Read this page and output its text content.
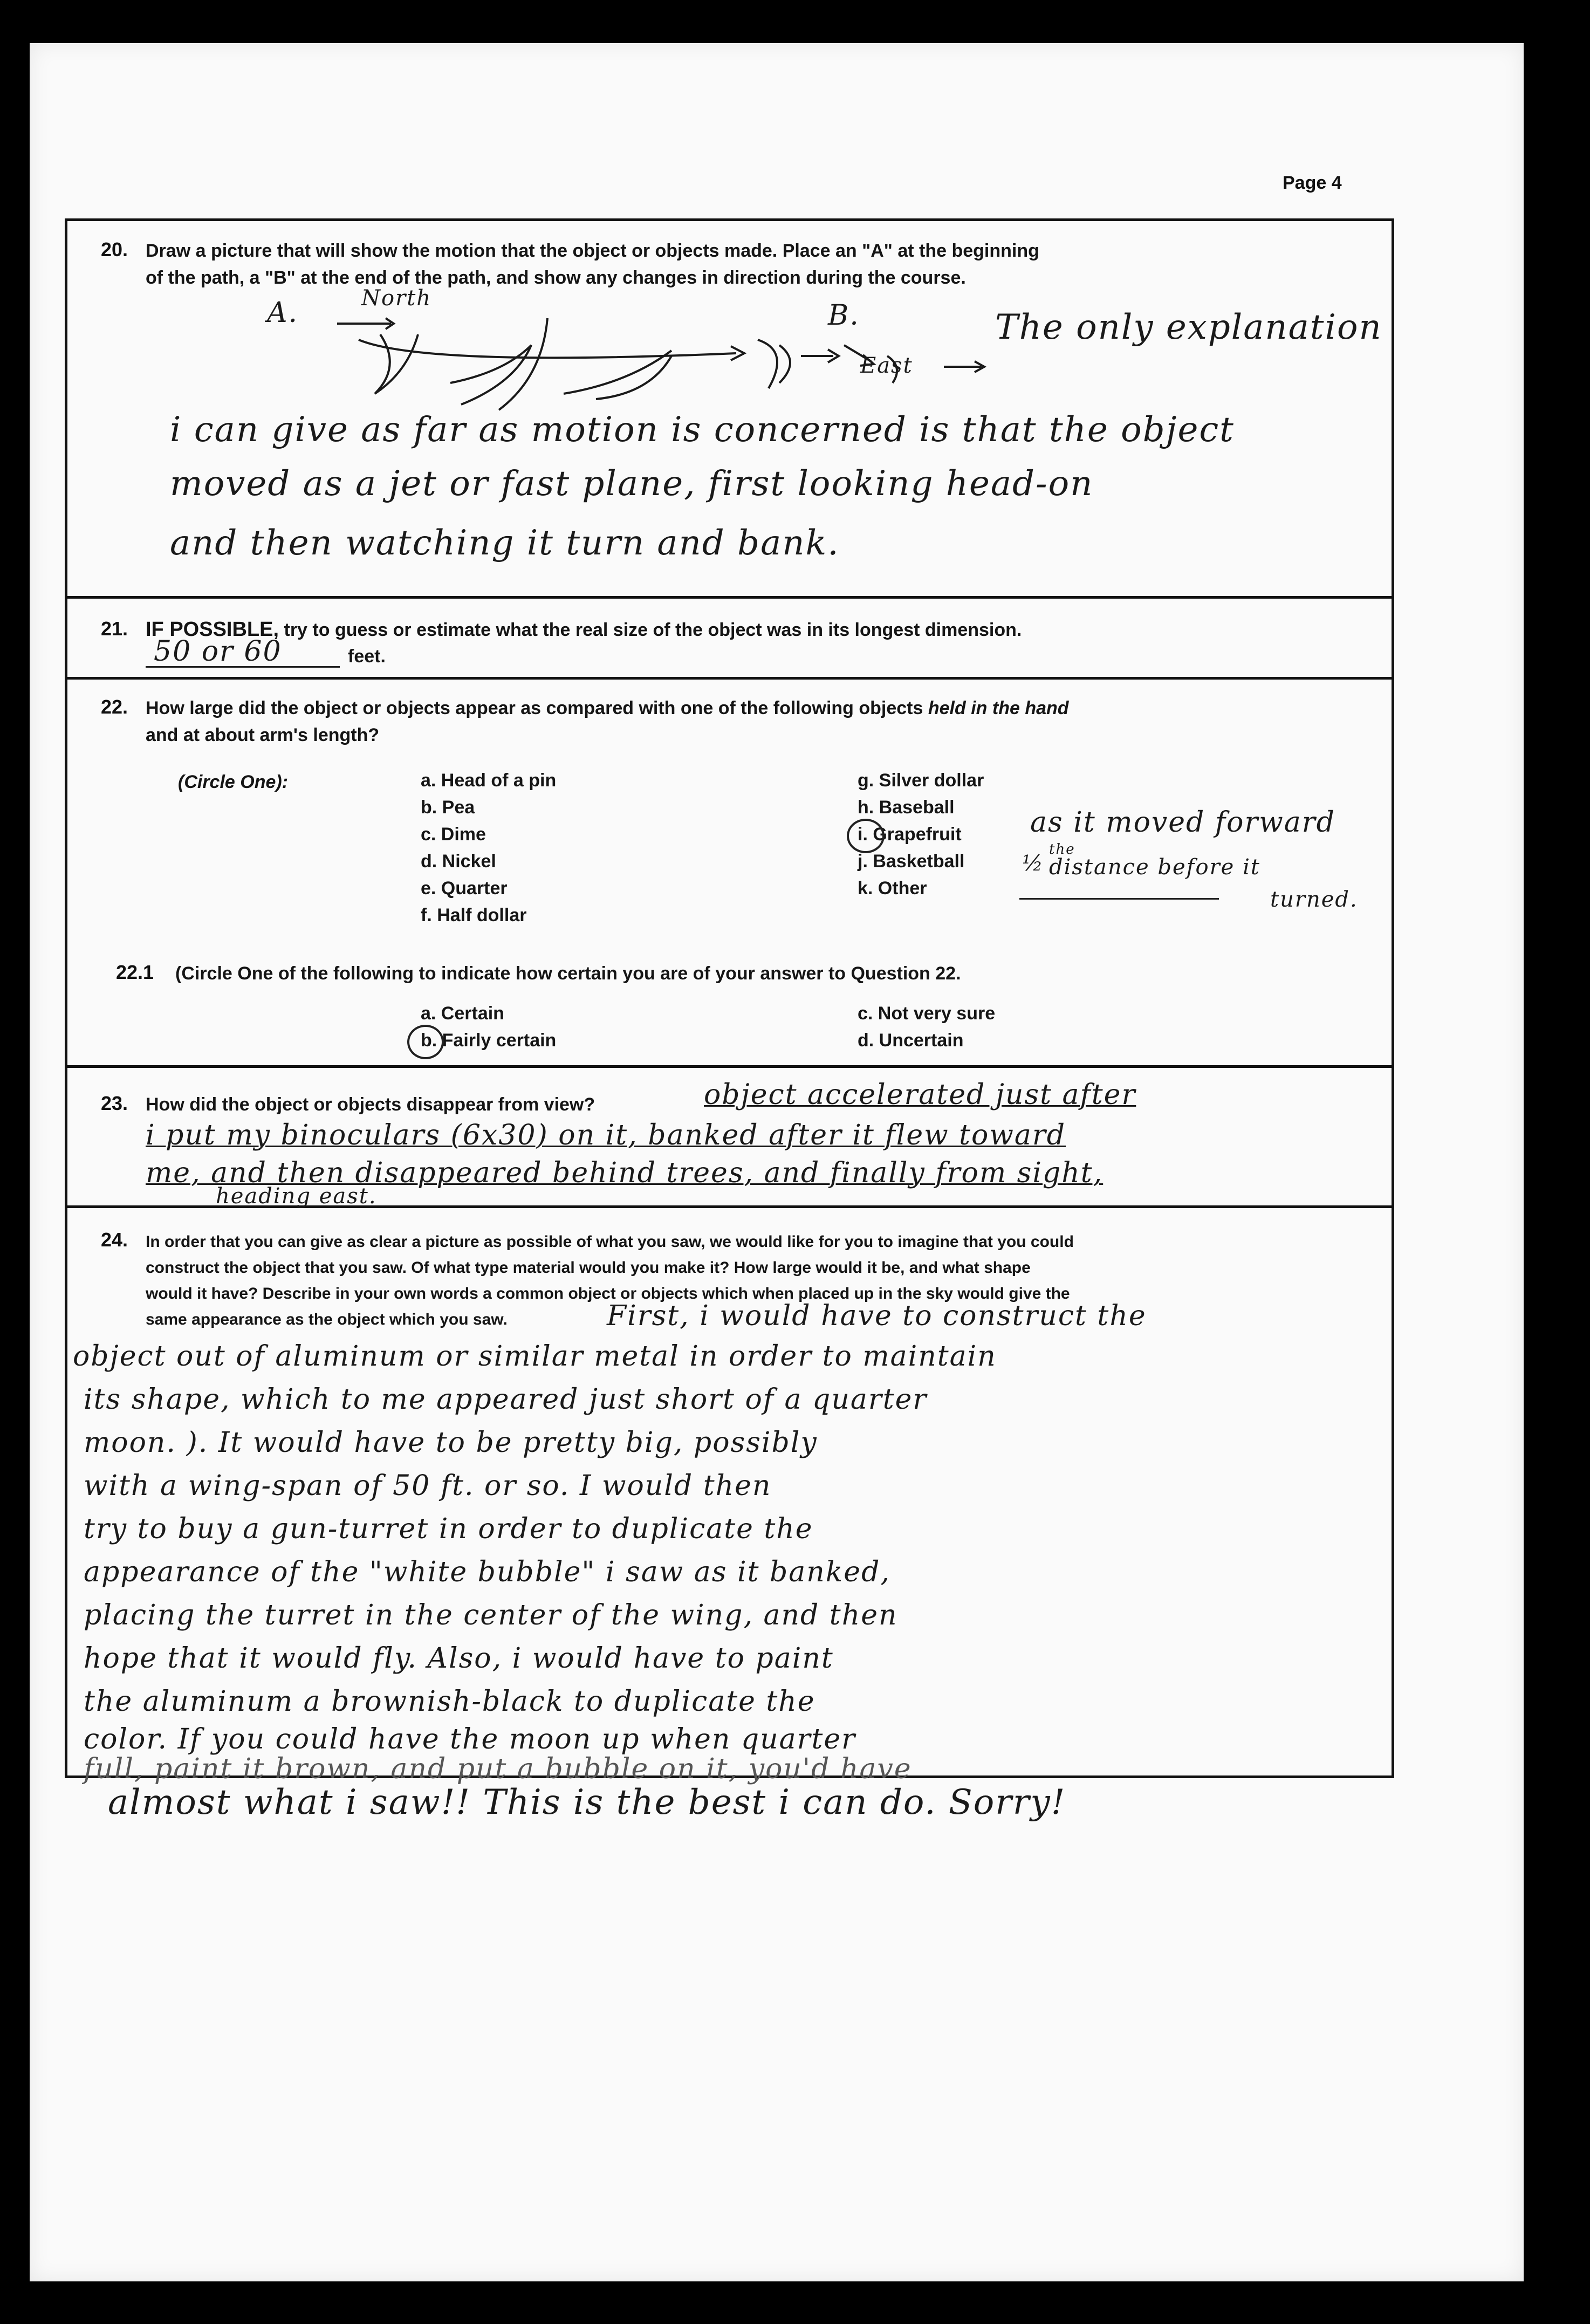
Page 4
20. Draw a picture that will show the motion that the object or objects made. Place an "A" at the beginning
of the path, a "B" at the end of the path, and show any changes in direction during the course.
A.	North
B.
East
The only explanation
i can give as far as motion is concerned is that the object
moved as a jet or fast plane, first looking head-on
and then watching it turn and bank.
21. IF POSSIBLE, try to guess or estimate what the real size of the object was in its longest dimension.
50 or 60	feet.
22. How large did the object or objects appear as compared with one of the following objects held in the hand
and at about arm's length?
(Circle One):	a. Head of a pin
b. Pea
c. Dime
d. Nickel
e. Quarter
f. Half dollar
g. Silver dollar
h. Baseball
i. Grapefruit
j. Basketball
k. Other
as it moved forward
½
the
distance before it
turned.
22.1 (Circle One of the following to indicate how certain you are of your answer to Question 22.
a. Certain
b. Fairly certain
c. Not very sure
d. Uncertain
23. How did the object or objects disappear from view?	object accelerated just after
i put my binoculars (6x30) on it, banked after it flew toward
me, and then disappeared behind trees, and finally from sight,
heading east.
24. In order that you can give as clear a picture as possible of what you saw, we would like for you to imagine that you could
construct the object that you saw. Of what type material would you make it? How large would it be, and what shape
would it have? Describe in your own words a common object or objects which when placed up in the sky would give the
same appearance as the object which you saw.	First, i would have to construct the
object out of aluminum or similar metal in order to maintain
its shape, which to me appeared just short of a quarter
moon. ). It would have to be pretty big, possibly
with a wing-span of 50 ft. or so. I would then
try to buy a gun-turret in order to duplicate the
appearance of the "white bubble" i saw as it banked,
placing the turret in the center of the wing, and then
hope that it would fly. Also, i would have to paint
the aluminum a brownish-black to duplicate the
color. If you could have the moon up when quarter
full, paint it brown, and put a bubble on it, you'd have
almost what i saw!! This is the best i can do. Sorry!
